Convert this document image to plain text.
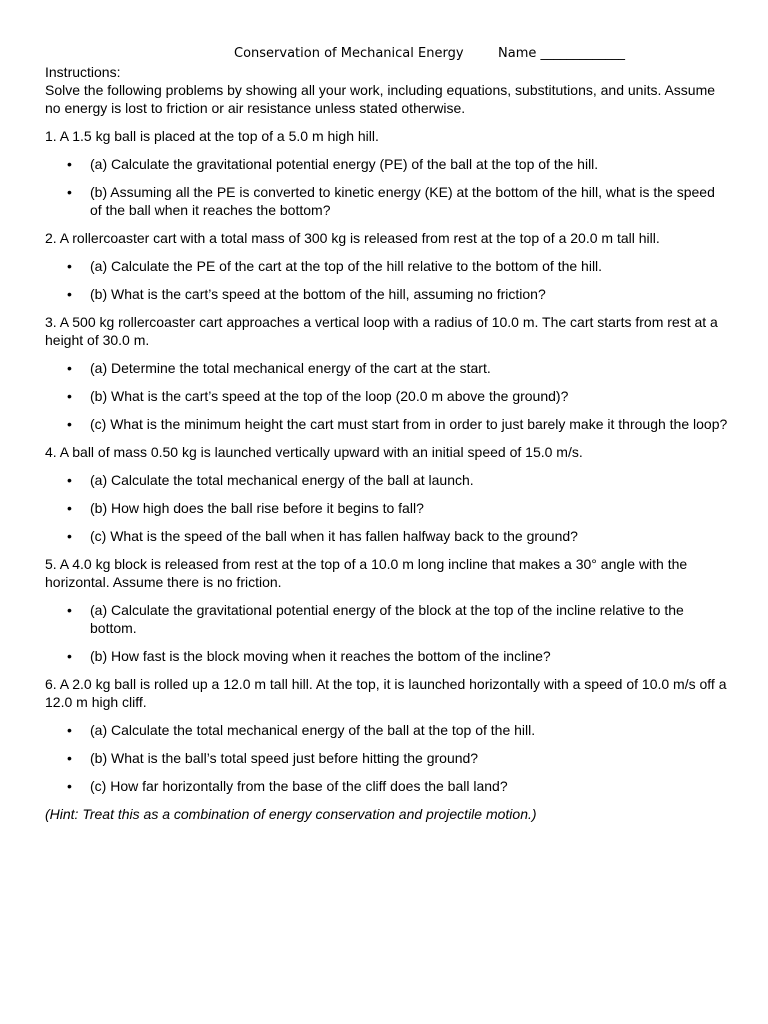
Conservation of Mechanical Energy	Name _____________

Instructions:

Solve the following problems by showing all your work, including equations, substitutions, and units. Assume no energy is lost to friction or air resistance unless stated otherwise.

1. A 1.5 kg ball is placed at the top of a 5.0 m high hill.

• (a) Calculate the gravitational potential energy (PE) of the ball at the top of the hill.
• (b) Assuming all the PE is converted to kinetic energy (KE) at the bottom of the hill, what is the speed of the ball when it reaches the bottom?

2. A rollercoaster cart with a total mass of 300 kg is released from rest at the top of a 20.0 m tall hill.

• (a) Calculate the PE of the cart at the top of the hill relative to the bottom of the hill.
• (b) What is the cart’s speed at the bottom of the hill, assuming no friction?

3. A 500 kg rollercoaster cart approaches a vertical loop with a radius of 10.0 m. The cart starts from rest at a height of 30.0 m.

• (a) Determine the total mechanical energy of the cart at the start.
• (b) What is the cart’s speed at the top of the loop (20.0 m above the ground)?
• (c) What is the minimum height the cart must start from in order to just barely make it through the loop?

4. A ball of mass 0.50 kg is launched vertically upward with an initial speed of 15.0 m/s.

• (a) Calculate the total mechanical energy of the ball at launch.
• (b) How high does the ball rise before it begins to fall?
• (c) What is the speed of the ball when it has fallen halfway back to the ground?

5. A 4.0 kg block is released from rest at the top of a 10.0 m long incline that makes a 30° angle with the horizontal. Assume there is no friction.

• (a) Calculate the gravitational potential energy of the block at the top of the incline relative to the bottom.
• (b) How fast is the block moving when it reaches the bottom of the incline?

6. A 2.0 kg ball is rolled up a 12.0 m tall hill. At the top, it is launched horizontally with a speed of 10.0 m/s off a 12.0 m high cliff.

• (a) Calculate the total mechanical energy of the ball at the top of the hill.
• (b) What is the ball’s total speed just before hitting the ground?
• (c) How far horizontally from the base of the cliff does the ball land?

(Hint: Treat this as a combination of energy conservation and projectile motion.)
